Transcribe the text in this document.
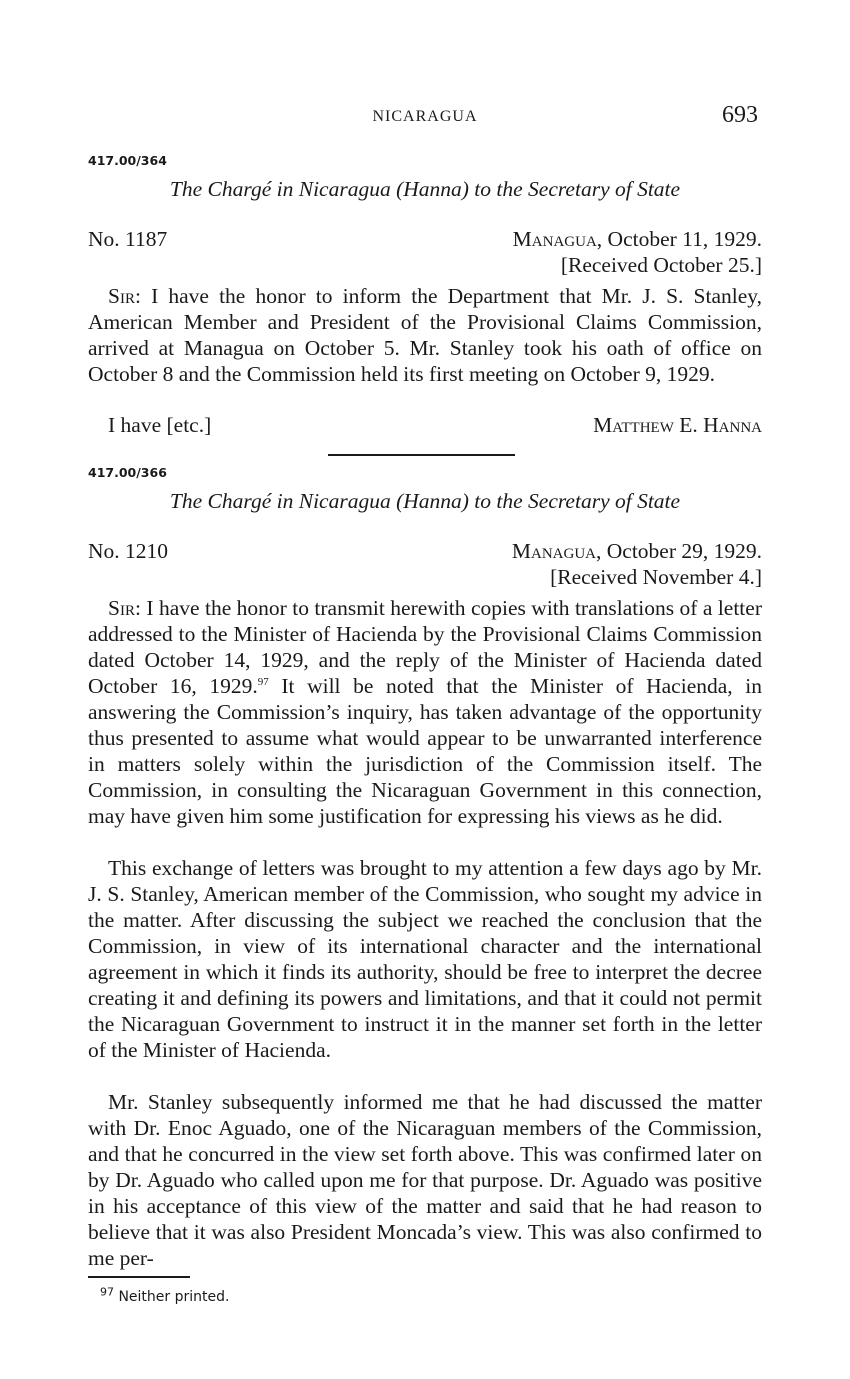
NICARAGUA	693
417.00/364
The Chargé in Nicaragua (Hanna) to the Secretary of State
No. 1187	Managua, October 11, 1929.
[Received October 25.]
Sir: I have the honor to inform the Department that Mr. J. S. Stanley, American Member and President of the Provisional Claims Commission, arrived at Managua on October 5. Mr. Stanley took his oath of office on October 8 and the Commission held its first meeting on October 9, 1929.
I have [etc.]	Matthew E. Hanna
417.00/366
The Chargé in Nicaragua (Hanna) to the Secretary of State
No. 1210	Managua, October 29, 1929.
[Received November 4.]
Sir: I have the honor to transmit herewith copies with translations of a letter addressed to the Minister of Hacienda by the Provisional Claims Commission dated October 14, 1929, and the reply of the Minister of Hacienda dated October 16, 1929.97 It will be noted that the Minister of Hacienda, in answering the Commission’s inquiry, has taken advantage of the opportunity thus presented to assume what would appear to be unwarranted interference in matters solely within the jurisdiction of the Commission itself. The Commission, in consulting the Nicaraguan Government in this connection, may have given him some justification for expressing his views as he did.
This exchange of letters was brought to my attention a few days ago by Mr. J. S. Stanley, American member of the Commission, who sought my advice in the matter. After discussing the subject we reached the conclusion that the Commission, in view of its international character and the international agreement in which it finds its authority, should be free to interpret the decree creating it and defining its powers and limitations, and that it could not permit the Nicaraguan Government to instruct it in the manner set forth in the letter of the Minister of Hacienda.
Mr. Stanley subsequently informed me that he had discussed the matter with Dr. Enoc Aguado, one of the Nicaraguan members of the Commission, and that he concurred in the view set forth above. This was confirmed later on by Dr. Aguado who called upon me for that purpose. Dr. Aguado was positive in his acceptance of this view of the matter and said that he had reason to believe that it was also President Moncada’s view. This was also confirmed to me per-
$^{97}$ Neither printed.
